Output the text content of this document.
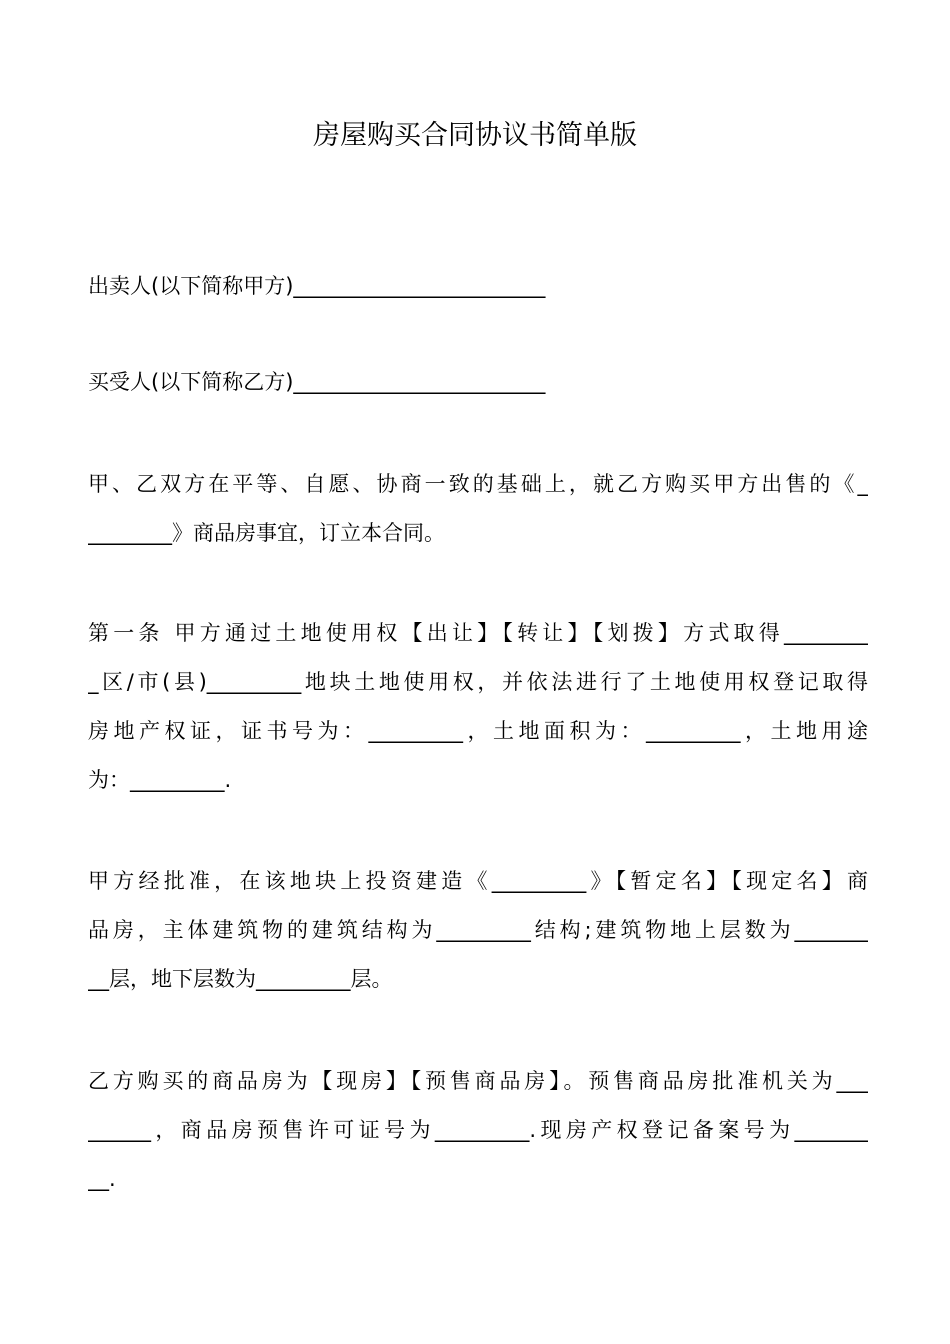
房屋购买合同协议书简单版

出卖人(以下简称甲方)________________________

买受人(以下简称乙方)________________________

甲、乙双方在平等、自愿、协商一致的基础上，就乙方购买甲方出售的《_
________》商品房事宜，订立本合同。

第一条 甲方通过土地使用权【出让】【转让】【划拨】方式取得________
_区/市(县)_________地块土地使用权，并依法进行了土地使用权登记取得
房地产权证，证书号为：_________，土地面积为：_________，土地用途
为：_________.

甲方经批准，在该地块上投资建造《_________》【暂定名】【现定名】商
品房，主体建筑物的建筑结构为_________结构;建筑物地上层数为_______
__层，地下层数为_________层。

乙方购买的商品房为【现房】【预售商品房】。预售商品房批准机关为___
______，商品房预售许可证号为_________.现房产权登记备案号为_______
__.
